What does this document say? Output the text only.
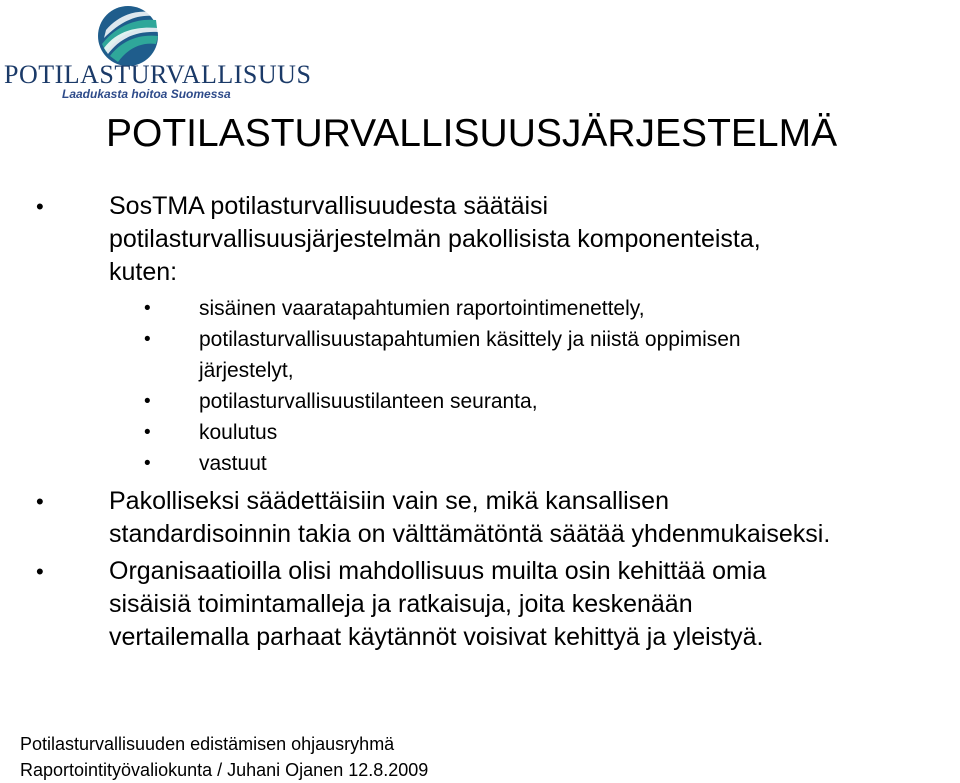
POTILASTURVALLISUUS
Laadukasta hoitoa Suomessa
POTILASTURVALLISUUSJÄRJESTELMÄ
•	SosTMA potilasturvallisuudesta säätäisi
potilasturvallisuusjärjestelmän pakollisista komponenteista,
kuten:
• sisäinen vaaratapahtumien raportointimenettely,
• potilasturvallisuustapahtumien käsittely ja niistä oppimisen
järjestelyt,
• potilasturvallisuustilanteen seuranta,
• koulutus
• vastuut
•	Pakolliseksi säädettäisiin vain se, mikä kansallisen
standardisoinnin takia on välttämätöntä säätää yhdenmukaiseksi.
•	Organisaatioilla olisi mahdollisuus muilta osin kehittää omia
sisäisiä toimintamalleja ja ratkaisuja, joita keskenään
vertailemalla parhaat käytännöt voisivat kehittyä ja yleistyä.
Potilasturvallisuuden edistämisen ohjausryhmä
Raportointityövaliokunta / Juhani Ojanen 12.8.2009
